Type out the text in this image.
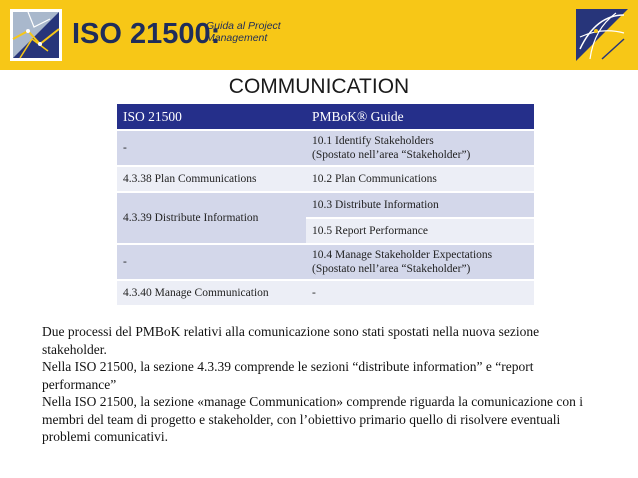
ISO 21500:
Guida al Project
Management
COMMUNICATION
ISO 21500	PMBoK® Guide
-	10.1 Identify Stakeholders
(Spostato nell’area “Stakeholder”)

4.3.38 Plan Communications	10.2 Plan Communications
4.3.39 Distribute Information	10.3 Distribute Information
	10.5 Report Performance
-	10.4 Manage Stakeholder Expectations
(Spostato nell’area “Stakeholder”)

4.3.40 Manage Communication	-
Due processi del PMBoK relativi alla comunicazione sono stati spostati nella nuova sezione stakeholder.
Nella ISO 21500, la sezione 4.3.39 comprende le sezioni “distribute information” e “report performance”
Nella ISO 21500, la sezione «manage Communication» comprende riguarda la comunicazione con i membri del team di progetto e stakeholder, con l’obiettivo primario quello di risolvere eventuali problemi comunicativi.
